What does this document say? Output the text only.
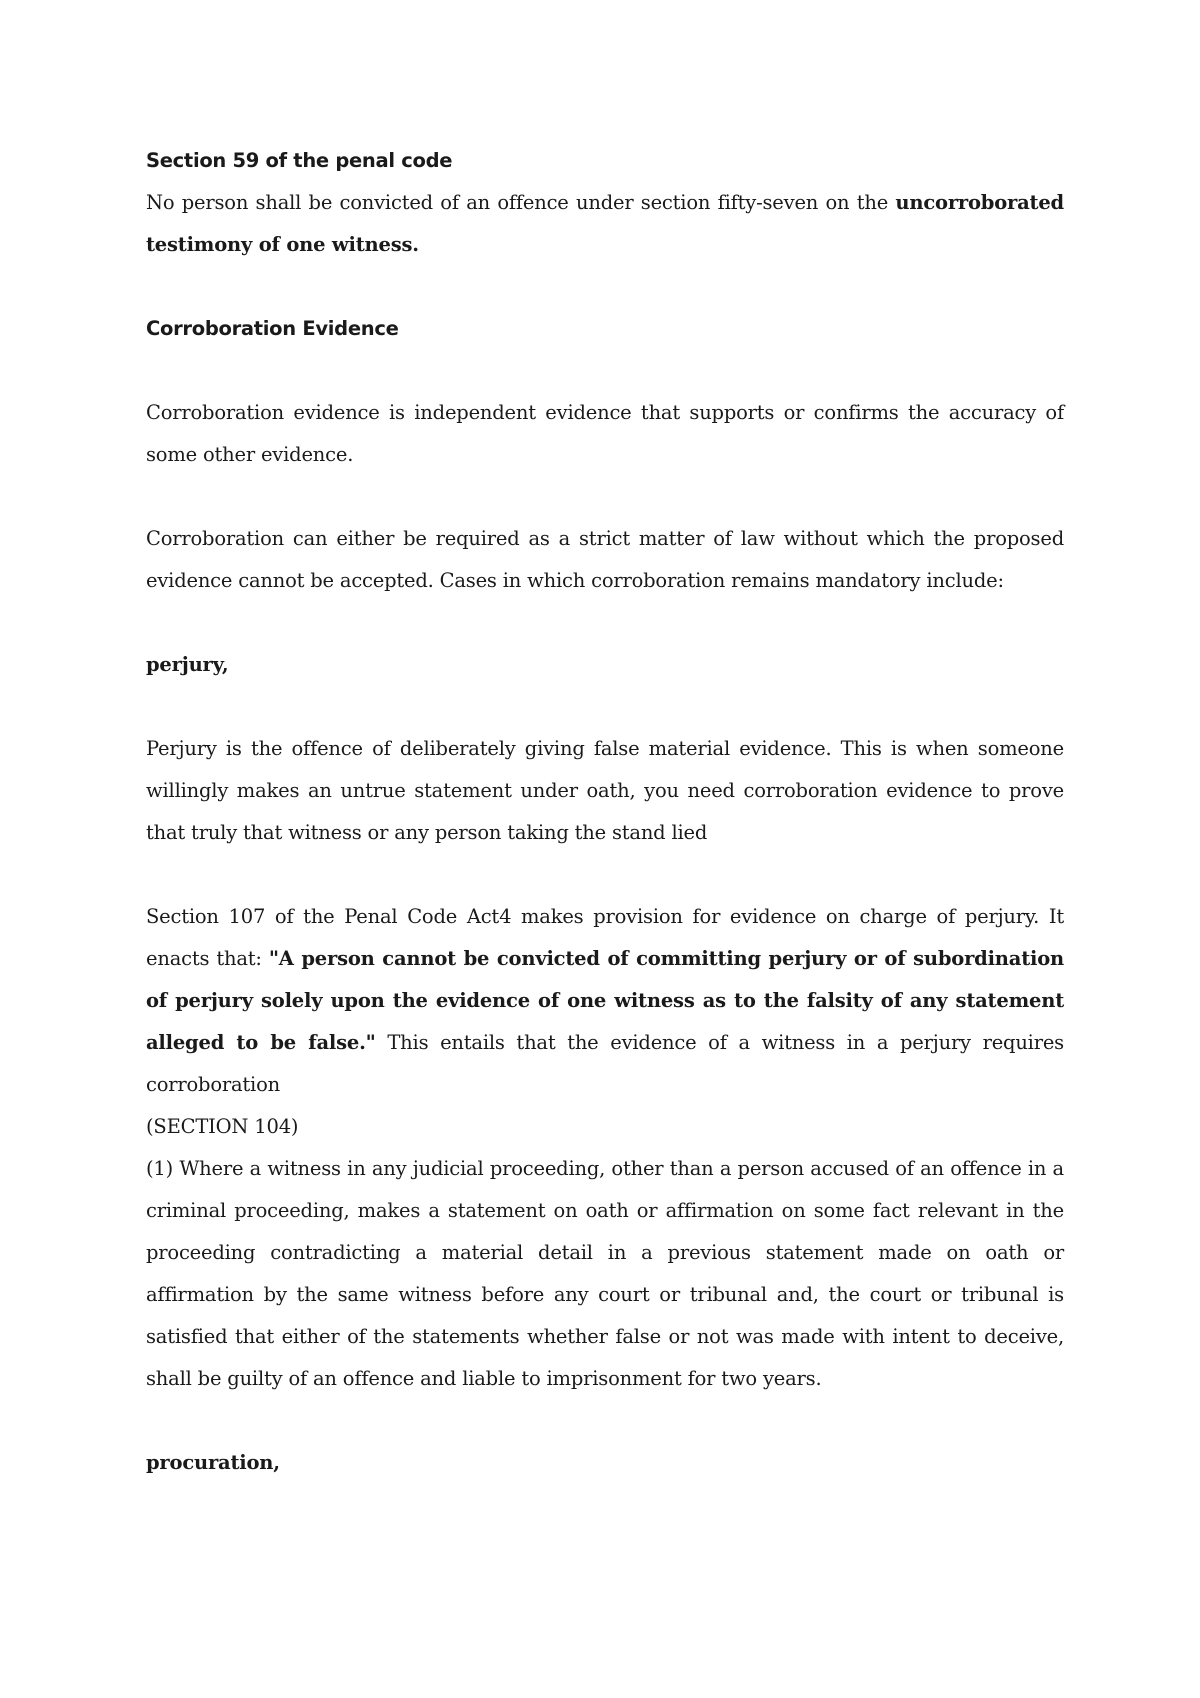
Section 59 of the penal code

No person shall be convicted of an offence under section fifty-seven on the uncorroborated testimony of one witness.

Corroboration Evidence

Corroboration evidence is independent evidence that supports or confirms the accuracy of some other evidence.

Corroboration can either be required as a strict matter of law without which the proposed evidence cannot be accepted. Cases in which corroboration remains mandatory include:

perjury,

Perjury is the offence of deliberately giving false material evidence. This is when someone willingly makes an untrue statement under oath, you need corroboration evidence to prove that truly that witness or any person taking the stand lied

Section 107 of the Penal Code Act4 makes provision for evidence on charge of perjury. It enacts that: "A person cannot be convicted of committing perjury or of subordination of perjury solely upon the evidence of one witness as to the falsity of any statement alleged to be false." This entails that the evidence of a witness in a perjury requires corroboration

(SECTION 104)

(1) Where a witness in any judicial proceeding, other than a person accused of an offence in a criminal proceeding, makes a statement on oath or affirmation on some fact relevant in the proceeding contradicting a material detail in a previous statement made on oath or affirmation by the same witness before any court or tribunal and, the court or tribunal is satisfied that either of the statements whether false or not was made with intent to deceive, shall be guilty of an offence and liable to imprisonment for two years.

procuration,
